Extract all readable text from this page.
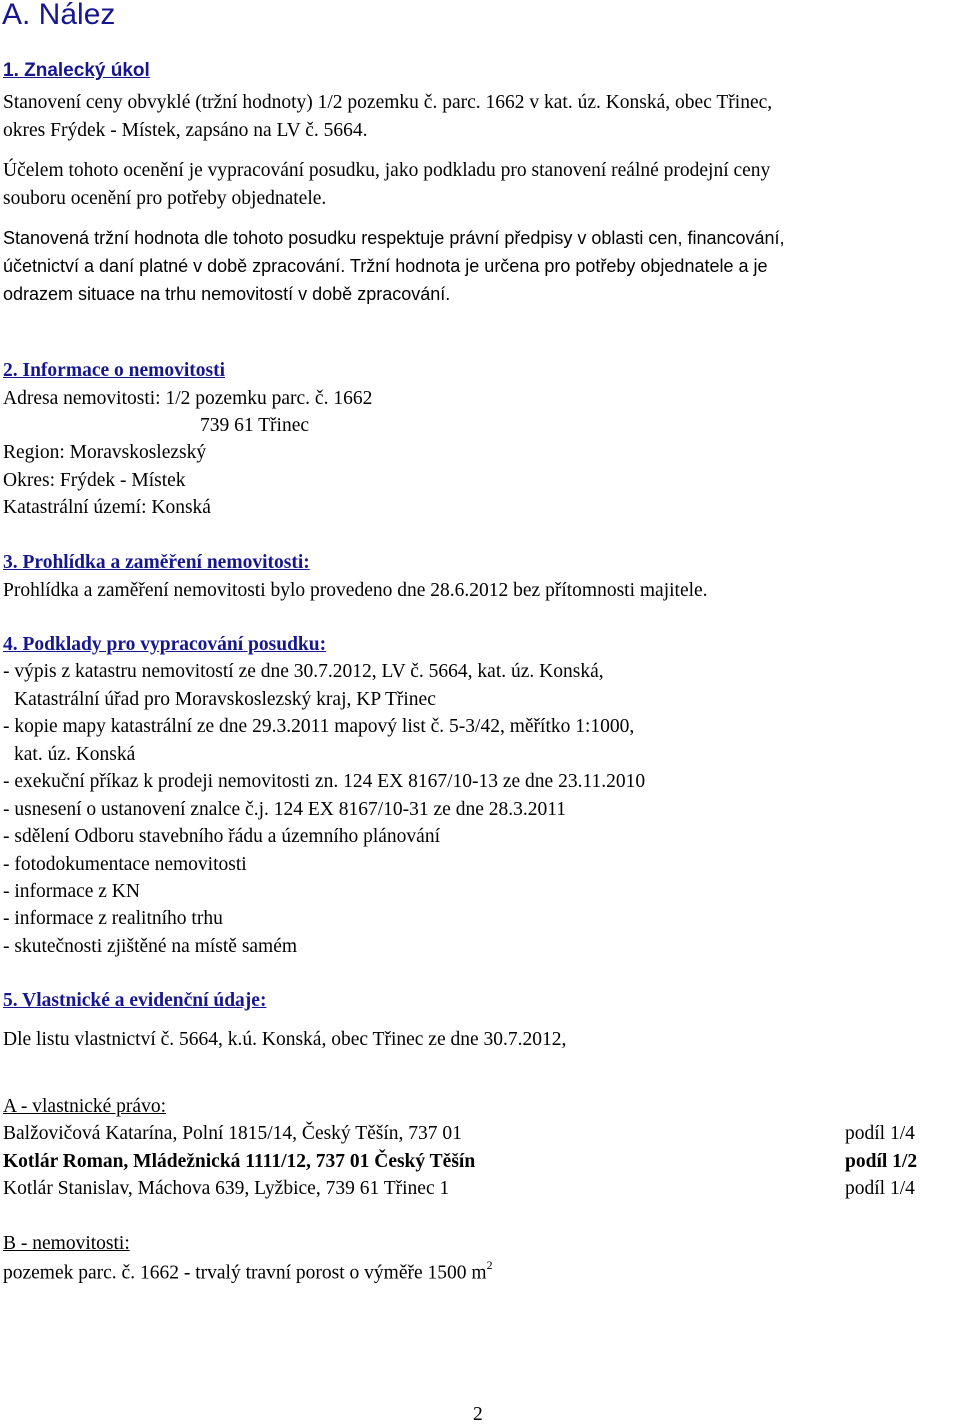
A. Nález
1. Znalecký úkol
Stanovení ceny obvyklé (tržní hodnoty) 1/2 pozemku č. parc. 1662 v kat. úz. Konská, obec Třinec,
okres Frýdek - Místek, zapsáno na LV č. 5664.
Účelem tohoto ocenění je vypracování posudku, jako podkladu pro stanovení reálné prodejní ceny
souboru ocenění pro potřeby objednatele.
Stanovená tržní hodnota dle tohoto posudku respektuje právní předpisy v oblasti cen, financování,
účetnictví a daní platné v době zpracování. Tržní hodnota je určena pro potřeby objednatele a je
odrazem situace na trhu nemovitostí v době zpracování.
2. Informace o nemovitosti
Adresa nemovitosti: 1/2 pozemku parc. č. 1662
739 61 Třinec
Region: Moravskoslezský
Okres: Frýdek - Místek
Katastrální území: Konská
3. Prohlídka a zaměření nemovitosti:
Prohlídka a zaměření nemovitosti bylo provedeno dne 28.6.2012 bez přítomnosti majitele.
4. Podklady pro vypracování posudku:
- výpis z katastru nemovitostí ze dne 30.7.2012, LV č. 5664, kat. úz. Konská,
Katastrální úřad pro Moravskoslezský kraj, KP Třinec
- kopie mapy katastrální ze dne 29.3.2011 mapový list č. 5-3/42, měřítko 1:1000,
kat. úz. Konská
- exekuční příkaz k prodeji nemovitosti zn. 124 EX 8167/10-13 ze dne 23.11.2010
- usnesení o ustanovení znalce č.j. 124 EX 8167/10-31 ze dne 28.3.2011
- sdělení Odboru stavebního řádu a územního plánování
- fotodokumentace nemovitosti
- informace z KN
- informace z realitního trhu
- skutečnosti zjištěné na místě samém
5. Vlastnické a evidenční údaje:
Dle listu vlastnictví č. 5664, k.ú. Konská, obec Třinec ze dne 30.7.2012,
A - vlastnické právo:
Balžovičová Katarína, Polní 1815/14, Český Těšín, 737 01	podíl 1/4
Kotlár Roman, Mládežnická 1111/12, 737 01 Český Těšín	podíl 1/2
Kotlár Stanislav, Máchova 639, Lyžbice, 739 61 Třinec 1	podíl 1/4
B - nemovitosti:
pozemek parc. č. 1662 - trvalý travní porost o výměře 1500 $m^2$
2
